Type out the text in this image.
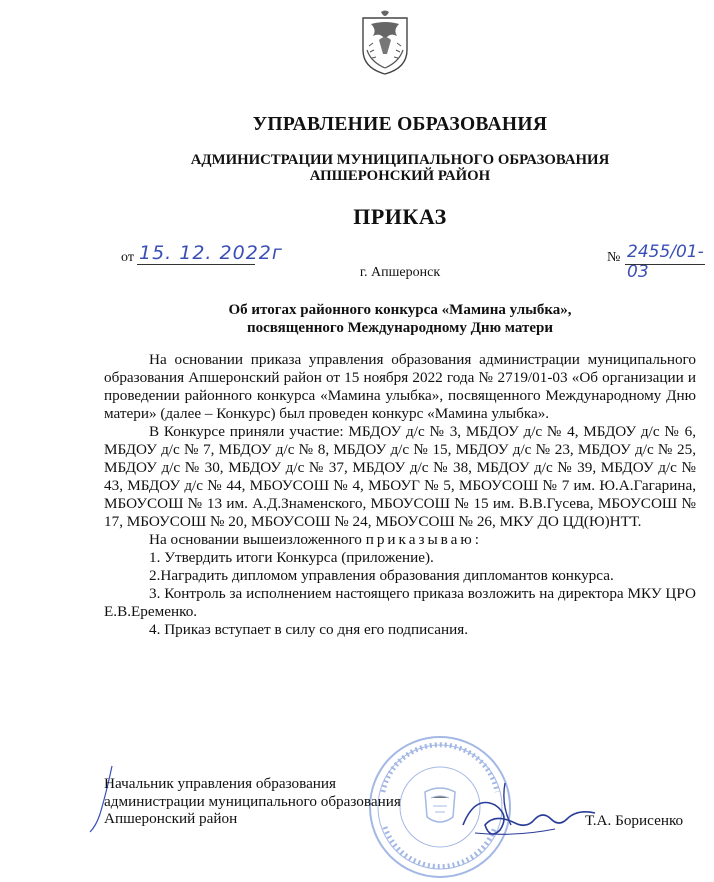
УПРАВЛЕНИЕ ОБРАЗОВАНИЯ
АДМИНИСТРАЦИИ МУНИЦИПАЛЬНОГО ОБРАЗОВАНИЯ
АПШЕРОНСКИЙ РАЙОН
ПРИКАЗ
от 15. 12. 2022г	№ 2455/01-03
г. Апшеронск
Об итогах районного конкурса «Мамина улыбка»,
посвященного Международному Дню матери

На основании приказа управления образования администрации муниципального образования Апшеронский район от 15 ноября 2022 года № 2719/01-03 «Об организации и проведении районного конкурса «Мамина улыбка», посвященного Международному Дню матери» (далее – Конкурс) был проведен конкурс «Мамина улыбка».

В Конкурсе приняли участие: МБДОУ д/с № 3, МБДОУ д/с № 4, МБДОУ д/с № 6, МБДОУ д/с № 7, МБДОУ д/с № 8, МБДОУ д/с № 15, МБДОУ д/с № 23, МБДОУ д/с № 25, МБДОУ д/с № 30, МБДОУ д/с № 37, МБДОУ д/с № 38, МБДОУ д/с № 39, МБДОУ д/с № 43, МБДОУ д/с № 44, МБОУСОШ № 4, МБОУГ № 5, МБОУСОШ № 7 им. Ю.А.Гагарина, МБОУСОШ № 13 им. А.Д.Знаменского, МБОУСОШ № 15 им. В.В.Гусева, МБОУСОШ № 17, МБОУСОШ № 20, МБОУСОШ № 24, МБОУСОШ № 26, МКУ ДО ЦД(Ю)НТТ.

На основании вышеизложенного приказываю:

1. Утвердить итоги Конкурса (приложение).

2.Наградить дипломом управления образования дипломантов конкурса.

3. Контроль за исполнением настоящего приказа возложить на директора МКУ ЦРО Е.В.Еременко.

4. Приказ вступает в силу со дня его подписания.

Начальник управления образования
администрации муниципального образования
Апшеронский район	Т.А. Борисенко
